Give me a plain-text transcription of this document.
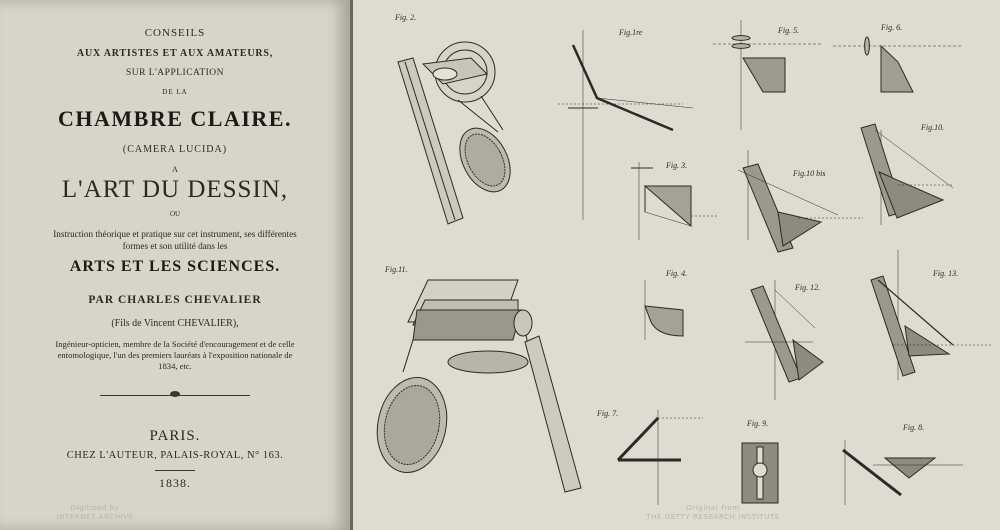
CONSEILS
AUX ARTISTES ET AUX AMATEURS,
SUR L'APPLICATION
DE LA
CHAMBRE CLAIRE.
(CAMERA LUCIDA)
A
L'ART DU DESSIN,
OU
Instruction théorique et pratique sur cet instrument, ses différentes
formes et son utilité dans les
ARTS ET LES SCIENCES.
PAR CHARLES CHEVALIER
(Fils de Vincent CHEVALIER),
Ingénieur-opticien, membre de la Société d'encouragement et de celle
entomologique, l'un des premiers lauréats à l'exposition nationale de
1834, etc.
PARIS.
CHEZ L'AUTEUR, PALAIS-ROYAL, N° 163.
1838.
Digitized by
INTERNET ARCHIVE
Fig. 2.
Fig.1re	Fig. 5.	Fig. 6.
Fig. 3.
Fig.10.
Fig.10 bis
Fig.11.	Fig. 4.
Fig. 12.
Fig. 13.
Fig. 7.
Fig. 9.	Fig. 8.
Original from
THE GETTY RESEARCH INSTITUTE
